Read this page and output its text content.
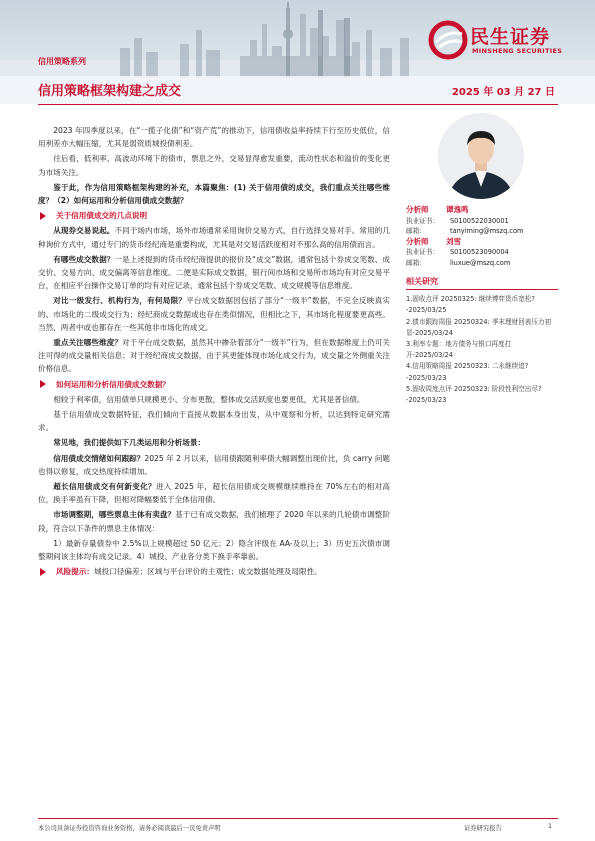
民生证券
MINSHENG SECURITIES
信用策略系列
信用策略框架构建之成交	2025 年 03 月 27 日

2023 年四季度以来，在“一揽子化债”和“资产荒”的推动下，信用债收益率持续下行至历史低位，信用利差亦大幅压缩，尤其是弱资质城投债利差。

往后看，低利率、高波动环境下的债市，票息之外，交易显得愈发重要，流动性状态和溢价的变化更为市场关注。

鉴于此，作为信用策略框架构建的补充，本篇聚焦：(1) 关于信用债的成交，我们重点关注哪些维度？（2）如何运用和分析信用债成交数据？

关于信用债成交的几点说明

从现券交易说起。不同于场内市场，场外市场通常采用询价交易方式，自行选择交易对手。常用的几种询价方式中，通过专门的货币经纪商是重要构成，尤其是对交易活跃度相对不那么高的信用债而言。

有哪些成交数据？一是上述提到的货币经纪商提供的报价及“成交”数据，通常包括个券成交笔数、成交价、交易方向、成交偏离等信息维度。二便是实际成交数据，银行间市场和交易所市场均有对应交易平台，在相应平台操作交易订单的均有对应记录，通常包括个券成交笔数、成交规模等信息维度。

对比一级发行、机构行为，有何局限？平台成交数据因包括了部分“一级半”数据，不完全反映真实的、市场化的二级成交行为；经纪商成交数据或也存在类似情况，但相比之下，其市场化程度要更高些。当然，两者中或也都存在一些其他非市场化的成交。

重点关注哪些维度？对于平台成交数据，虽然其中掺杂着部分“一级半”行为，但在数据维度上仍可关注可得的成交量相关信息；对于经纪商成交数据，由于其更能体现市场化成交行为，成交量之外侧重关注价格信息。

如何运用和分析信用债成交数据？

相较于利率债，信用债单只规模更小、分布更散，整体成交活跃度也要更低，尤其是普信债。

基于信用债成交数据特征，我们倾向于直接从数据本身出发，从中观察和分析，以达到特定研究需求。

常见地，我们提供如下几类运用和分析场景：

信用债成交情绪如何跟踪？2025 年 2 月以来，信用债跟随利率债大幅调整出现价比，负 carry 问题也得以修复，成交热度持续增加。

超长信用债成交有何新变化？进入 2025 年，超长信用债成交规模继续维持在 70%左右的相对高位，换手率虽有下降，但相对降幅要低于全体信用债。

市场调整期，哪些票息主体有卖盘？基于已有成交数据，我们梳理了 2020 年以来的几轮债市调整阶段，符合以下条件的票息主体情况：

1）最新存量债券中 2.5%以上规模超过 50 亿元；2）隐含评级在 AA-及以上；3）历史五次债市调整期间该主体均有成交记录。4）城投、产业各分类下换手率靠前。

风险提示：城投口径偏差；区域与平台评价的主观性；成交数据处理及局限性。
分析师 谭逸鸣
执业证书：	S0100522030001
邮箱：	tanyiming@mszq.com
分析师 刘雪
执业证书：	S0100523090004
邮箱：	liuxue@mszq.com
相关研究
1.固收点评 20250325: 继续博弈货币宽松? -2025/03/25
2.债市跟踪周报 20250324: 季末理财回表压力初显-2025/03/24
3.利率专题：地方债务与银口再度打开-2025/03/24
4.信用策略周报 20250323: 二永继续追? -2025/03/23
5.固收周度点评 20250323: 阶段性利空出尽? -2025/03/23
本公司具备证券投资咨询业务资格，请务必阅读最后一页免责声明	证券研究报告	1
